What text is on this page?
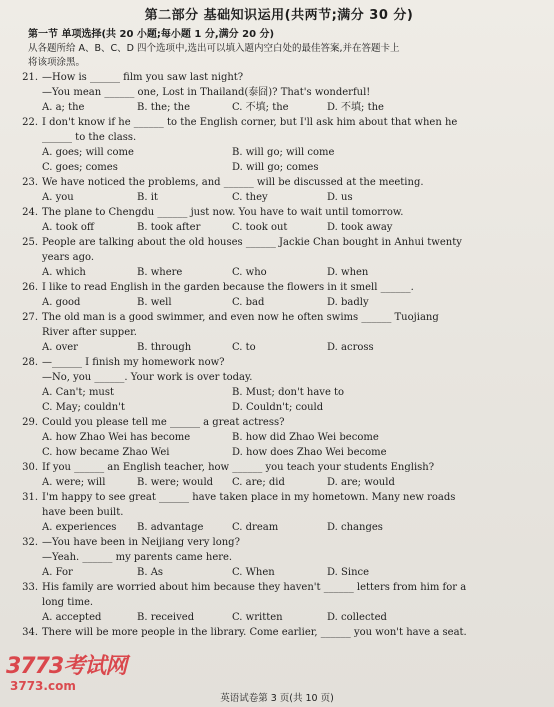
第二部分 基础知识运用(共两节;满分 30 分)
第一节 单项选择(共 20 小题;每小题 1 分,满分 20 分)
从各题所给 A、B、C、D 四个选项中,选出可以填入题内空白处的最佳答案,并在答题卡上
将该项涂黑。
21. —How is ______ film you saw last night?
—You mean ______ one, Lost in Thailand(泰囧)? That's wonderful!
A. a; the	B. the; the	C. 不填; the	D. 不填; the
22. I don't know if he ______ to the English corner, but I'll ask him about that when he
______ to the class.
A. goes; will come	B. will go; will come
C. goes; comes	D. will go; comes
23. We have noticed the problems, and ______ will be discussed at the meeting.
A. you	B. it	C. they	D. us
24. The plane to Chengdu ______ just now. You have to wait until tomorrow.
A. took off	B. took after	C. took out	D. took away
25. People are talking about the old houses ______ Jackie Chan bought in Anhui twenty
years ago.
A. which	B. where	C. who	D. when
26. I like to read English in the garden because the flowers in it smell ______.
A. good	B. well	C. bad	D. badly
27. The old man is a good swimmer, and even now he often swims ______ Tuojiang
River after supper.
A. over	B. through	C. to	D. across
28. —______ I finish my homework now?
—No, you ______. Your work is over today.
A. Can't; must	B. Must; don't have to
C. May; couldn't	D. Couldn't; could
29. Could you please tell me ______ a great actress?
A. how Zhao Wei has become	B. how did Zhao Wei become
C. how became Zhao Wei	D. how does Zhao Wei become
30. If you ______ an English teacher, how ______ you teach your students English?
A. were; will	B. were; would	C. are; did	D. are; would
31. I'm happy to see great ______ have taken place in my hometown. Many new roads
have been built.
A. experiences	B. advantage	C. dream	D. changes
32. —You have been in Neijiang very long?
—Yeah. ______ my parents came here.
A. For	B. As	C. When	D. Since
33. His family are worried about him because they haven't ______ letters from him for a
long time.
A. accepted	B. received	C. written	D. collected
34. There will be more people in the library. Come earlier, ______ you won't have a seat.
3773考试网
3773.com
英语试卷第 3 页(共 10 页)
